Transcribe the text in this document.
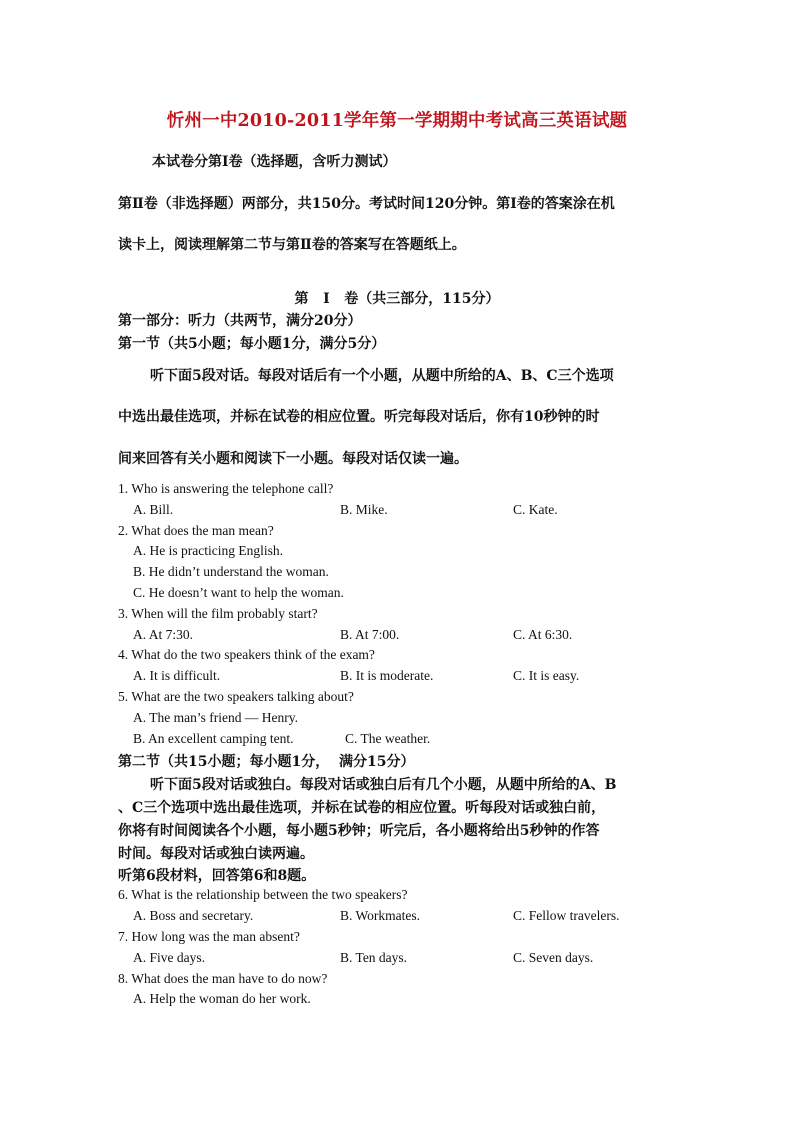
忻州一中2010-2011学年第一学期期中考试高三英语试题
本试卷分第Ⅰ卷（选择题，含听力测试）
第Ⅱ卷（非选择题）两部分，共150分。考试时间120分钟。第Ⅰ卷的答案涂在机
读卡上，阅读理解第二节与第Ⅱ卷的答案写在答题纸上。
第   Ⅰ   卷（共三部分，115分）
第一部分：听力（共两节，满分20分）
第一节（共5小题；每小题1分，满分5分）
听下面5段对话。每段对话后有一个小题，从题中所给的A、B、C三个选项
中选出最佳选项，并标在试卷的相应位置。听完每段对话后，你有10秒钟的时
间来回答有关小题和阅读下一小题。每段对话仅读一遍。
1. Who is answering the telephone call?
A. Bill.	B. Mike.	C. Kate.
2. What does the man mean?
A. He is practicing English.
B. He didn’t understand the woman.
C. He doesn’t want to help the woman.
3. When will the film probably start?
A. At 7:30.	B. At 7:00.	C. At 6:30.
4. What do the two speakers think of the exam?
A. It is difficult.	B. It is moderate.	C. It is easy.
5. What are the two speakers talking about?
A. The man’s friend — Henry.
B. An excellent camping tent.	C. The weather.
第二节（共15小题；每小题1分，  满分15分）
听下面5段对话或独白。每段对话或独白后有几个小题，从题中所给的A、B
、C三个选项中选出最佳选项，并标在试卷的相应位置。听每段对话或独白前，
你将有时间阅读各个小题，每小题5秒钟；听完后，各小题将给出5秒钟的作答
时间。每段对话或独白读两遍。
听第6段材料，回答第6和8题。
6. What is the relationship between the two speakers?
A. Boss and secretary.	B. Workmates.	C. Fellow travelers.
7. How long was the man absent?
A. Five days.	B. Ten days.	C. Seven days.
8. What does the man have to do now?
A. Help the woman do her work.
